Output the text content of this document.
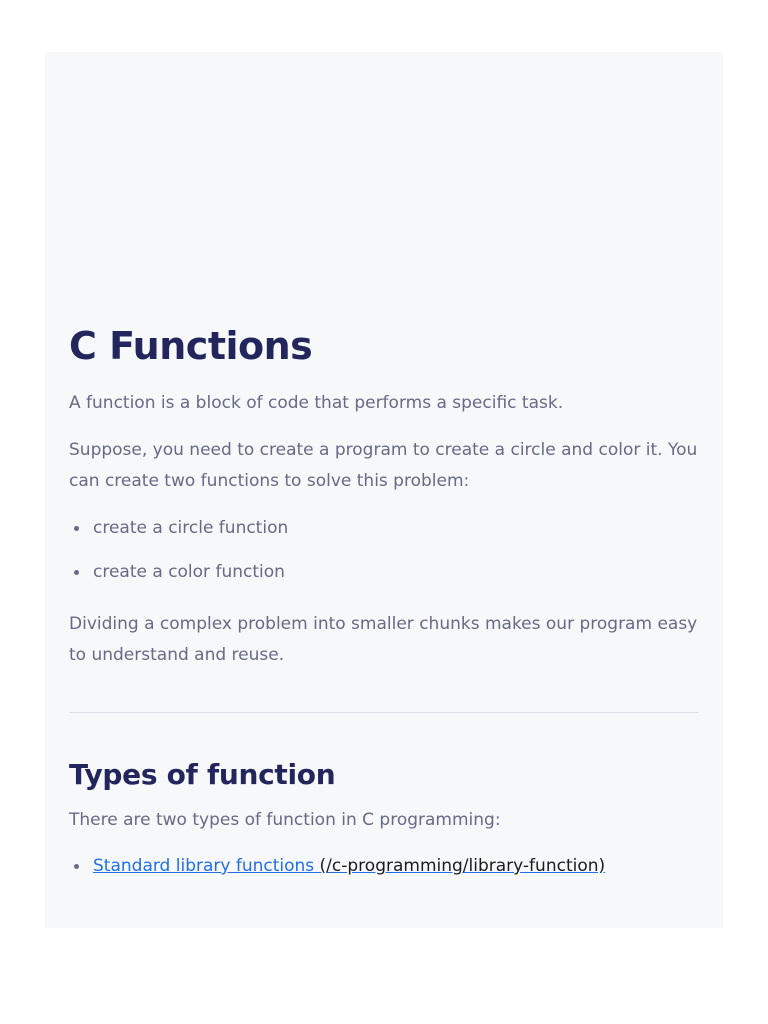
C Functions

A function is a block of code that performs a specific task.

Suppose, you need to create a program to create a circle and color it. You can create two functions to solve this problem:

create a circle function
create a color function

Dividing a complex problem into smaller chunks makes our program easy to understand and reuse.

Types of function

There are two types of function in C programming:

Standard library functions (/c-programming/library-function)
